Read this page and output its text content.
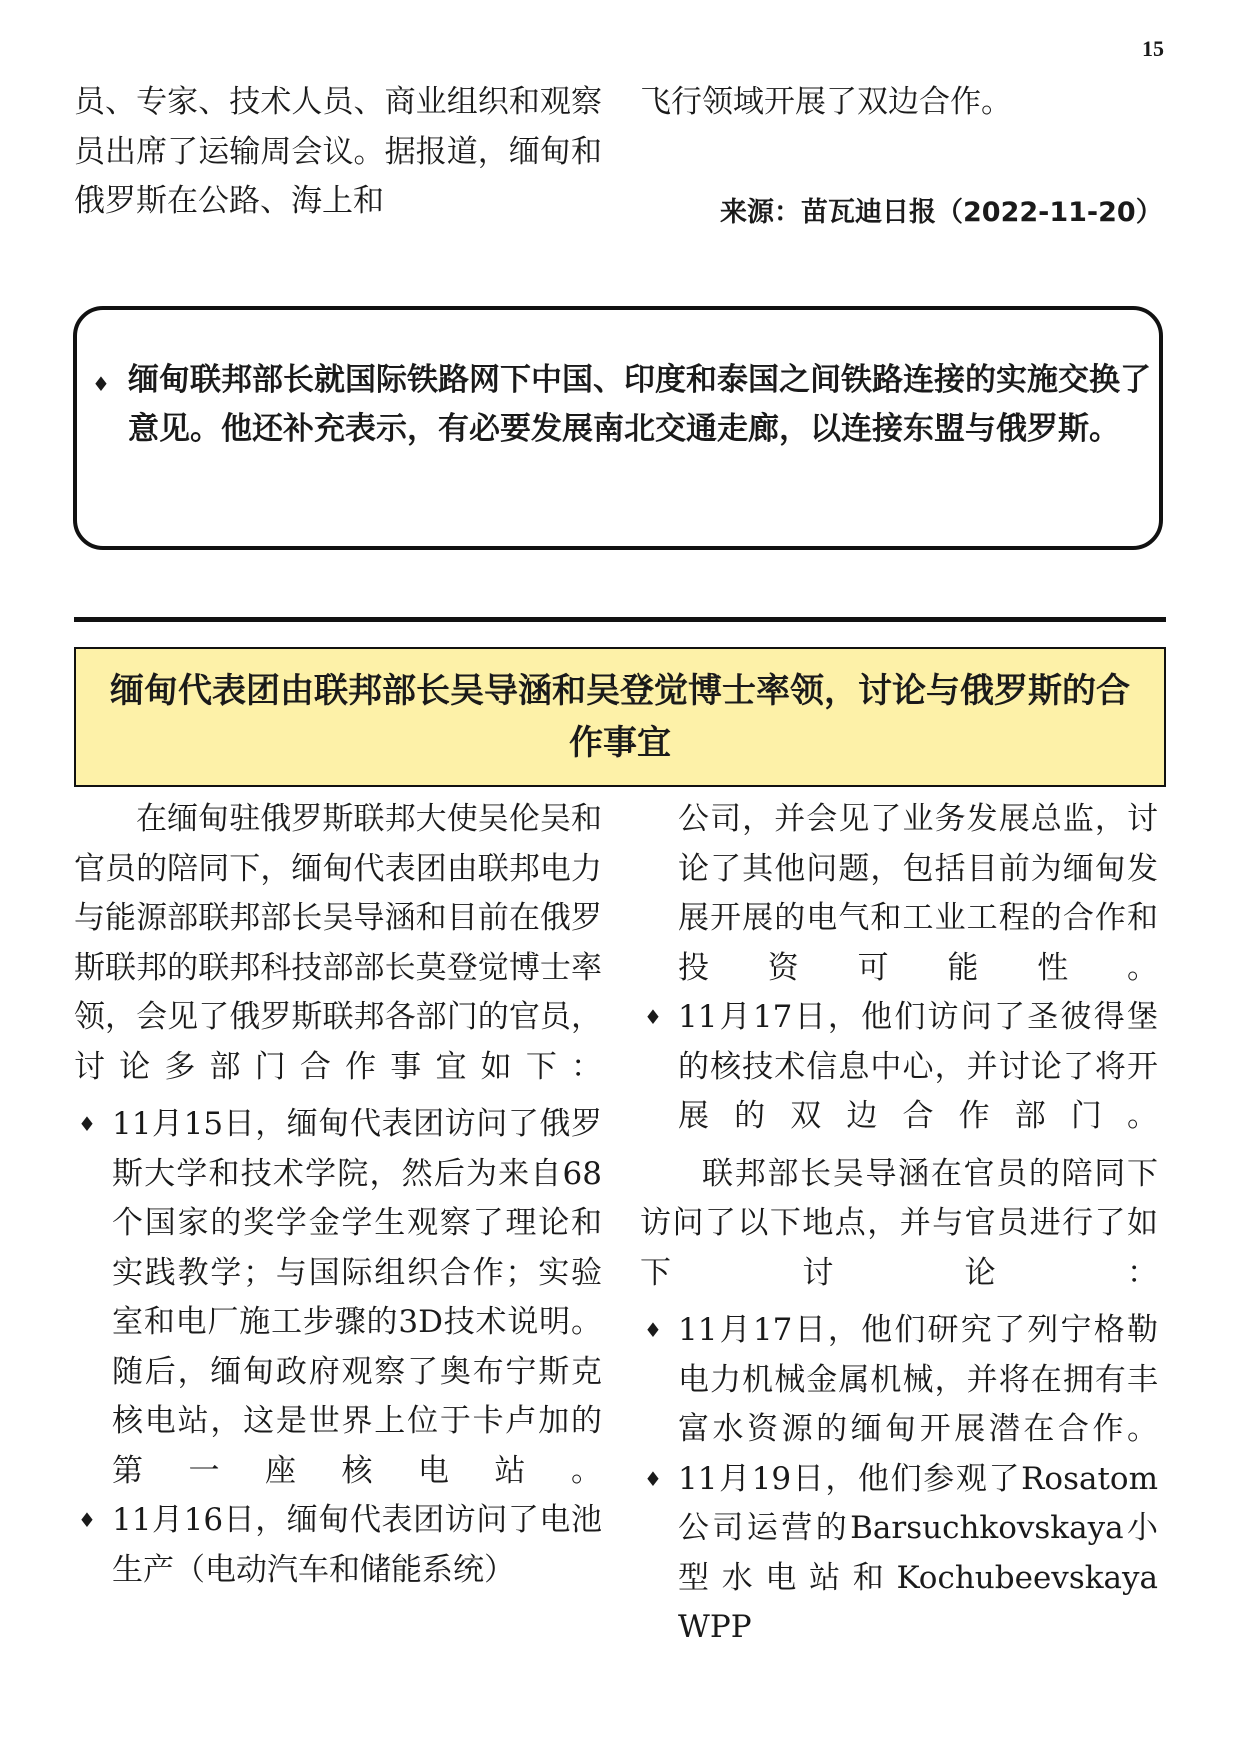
15

员、专家、技术人员、商业组织和观察员出席了运输周会议。据报道，缅甸和俄罗斯在公路、海上和

飞行领域开展了双边合作。

来源：苗瓦迪日报（2022-11-20）
♦ 缅甸联邦部长就国际铁路网下中国、印度和泰国之间铁路连接的实施交换了意见。他还补充表示，有必要发展南北交通走廊，以连接东盟与俄罗斯。
缅甸代表团由联邦部长吴导涵和吴登觉博士率领，讨论与俄罗斯的合作事宜

在缅甸驻俄罗斯联邦大使吴伦吴和官员的陪同下，缅甸代表团由联邦电力与能源部联邦部长吴导涵和目前在俄罗斯联邦的联邦科技部部长莫登觉博士率领，会见了俄罗斯联邦各部门的官员，讨论多部门合作事宜如下：

♦ 11月15日，缅甸代表团访问了俄罗斯大学和技术学院，然后为来自68个国家的奖学金学生观察了理论和实践教学；与国际组织合作；实验室和电厂施工步骤的3D技术说明。随后，缅甸政府观察了奥布宁斯克核电站，这是世界上位于卡卢加的第一座核电站。

♦ 11月16日，缅甸代表团访问了电池生产（电动汽车和储能系统）

公司，并会见了业务发展总监，讨论了其他问题，包括目前为缅甸发展开展的电气和工业工程的合作和投资可能性。

♦ 11月17日，他们访问了圣彼得堡的核技术信息中心，并讨论了将开展的双边合作部门。

联邦部长吴导涵在官员的陪同下访问了以下地点，并与官员进行了如下讨论：

♦ 11月17日，他们研究了列宁格勒电力机械金属机械，并将在拥有丰富水资源的缅甸开展潜在合作。

♦ 11月19日，他们参观了Rosatom公司运营的Barsuchkovskaya小型水电站和Kochubeevskaya WPP
